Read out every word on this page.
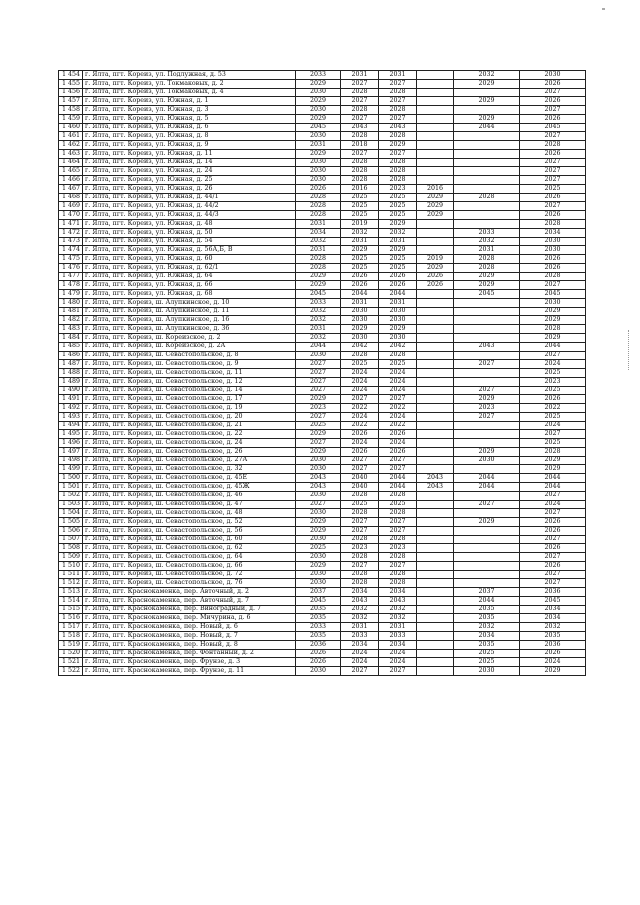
1 454	г. Ялта, пгт. Кореиз, ул. Подлужная, д. 53	2033	2031	2031		2032	2030
1 455	г. Ялта, пгт. Кореиз, ул. Токмаковых, д. 2	2029	2027	2027		2029	2026
1 456	г. Ялта, пгт. Кореиз, ул. Токмаковых, д. 4	2030	2028	2028			2027
1 457	г. Ялта, пгт. Кореиз, ул. Южная, д. 1	2029	2027	2027		2029	2026
1 458	г. Ялта, пгт. Кореиз, ул. Южная, д. 3	2030	2028	2028			2027
1 459	г. Ялта, пгт. Кореиз, ул. Южная, д. 5	2029	2027	2027		2029	2026
1 460	г. Ялта, пгт. Кореиз, ул. Южная, д. 6	2045	2043	2043		2044	2045
1 461	г. Ялта, пгт. Кореиз, ул. Южная, д. 8	2030	2028	2028			2027
1 462	г. Ялта, пгт. Кореиз, ул. Южная, д. 9	2031	2018	2029			2028
1 463	г. Ялта, пгт. Кореиз, ул. Южная, д. 11	2029	2027	2027			2026
1 464	г. Ялта, пгт. Кореиз, ул. Южная, д. 14	2030	2028	2028			2027
1 465	г. Ялта, пгт. Кореиз, ул. Южная, д. 24	2030	2028	2028			2027
1 466	г. Ялта, пгт. Кореиз, ул. Южная, д. 25	2030	2028	2028			2027
1 467	г. Ялта, пгт. Кореиз, ул. Южная, д. 26	2026	2016	2023	2016		2025
1 468	г. Ялта, пгт. Кореиз, ул. Южная, д. 44/1	2028	2025	2025	2029	2028	2026
1 469	г. Ялта, пгт. Кореиз, ул. Южная, д. 44/2	2028	2025	2025	2029		2027
1 470	г. Ялта, пгт. Кореиз, ул. Южная, д. 44/3	2028	2025	2025	2029		2026
1 471	г. Ялта, пгт. Кореиз, ул. Южная, д. 48	2031	2019	2029			2028
1 472	г. Ялта, пгт. Кореиз, ул. Южная, д. 50	2034	2032	2032		2033	2034
1 473	г. Ялта, пгт. Кореиз, ул. Южная, д. 54	2032	2031	2031		2032	2030
1 474	г. Ялта, пгт. Кореиз, ул. Южная, д. 56А,Б, В	2031	2029	2029		2031	2030
1 475	г. Ялта, пгт. Кореиз, ул. Южная, д. 60	2028	2025	2025	2019	2028	2026
1 476	г. Ялта, пгт. Кореиз, ул. Южная, д. 62/1	2028	2025	2025	2029	2028	2026
1 477	г. Ялта, пгт. Кореиз, ул. Южная, д. 64	2029	2026	2026	2026	2029	2028
1 478	г. Ялта, пгт. Кореиз, ул. Южная, д. 66	2029	2026	2026	2026	2029	2027
1 479	г. Ялта, пгт. Кореиз, ул. Южная, д. 68	2045	2044	2044		2045	2045
1 480	г. Ялта, пгт. Кореиз, ш. Алупкинское, д. 10	2033	2031	2031			2030
1 481	г. Ялта, пгт. Кореиз, ш. Алупкинское, д. 11	2032	2030	2030			2029
1 482	г. Ялта, пгт. Кореиз, ш. Алупкинское, д. 16	2032	2030	2030			2029
1 483	г. Ялта, пгт. Кореиз, ш. Алупкинское, д. 36	2031	2029	2029			2028
1 484	г. Ялта, пгт. Кореиз, ш. Кореизское, д. 2	2032	2030	2030			2029
1 485	г. Ялта, пгт. Кореиз, ш. Кореизское, д. 2А	2044	2042	2042		2043	2044
1 486	г. Ялта, пгт. Кореиз, ш. Севастопольское, д. 8	2030	2028	2028			2027
1 487	г. Ялта, пгт. Кореиз, ш. Севастопольское, д. 9	2027	2025	2025		2027	2024
1 488	г. Ялта, пгт. Кореиз, ш. Севастопольское, д. 11	2027	2024	2024			2025
1 489	г. Ялта, пгт. Кореиз, ш. Севастопольское, д. 12	2027	2024	2024			2023
1 490	г. Ялта, пгт. Кореиз, ш. Севастопольское, д. 14	2027	2024	2024		2027	2025
1 491	г. Ялта, пгт. Кореиз, ш. Севастопольское, д. 17	2029	2027	2027		2029	2026
1 492	г. Ялта, пгт. Кореиз, ш. Севастопольское, д. 19	2023	2022	2022		2023	2022
1 493	г. Ялта, пгт. Кореиз, ш. Севастопольское, д. 20	2027	2024	2024		2027	2025
1 494	г. Ялта, пгт. Кореиз, ш. Севастопольское, д. 21	2025	2022	2022			2024
1 495	г. Ялта, пгт. Кореиз, ш. Севастопольское, д. 22	2029	2026	2026			2027
1 496	г. Ялта, пгт. Кореиз, ш. Севастопольское, д. 24	2027	2024	2024			2025
1 497	г. Ялта, пгт. Кореиз, ш. Севастопольское, д. 26	2029	2026	2026		2029	2028
1 498	г. Ялта, пгт. Кореиз, ш. Севастопольское, д. 27А	2030	2027	2027		2030	2029
1 499	г. Ялта, пгт. Кореиз, ш. Севастопольское, д. 32	2030	2027	2027			2029
1 500	г. Ялта, пгт. Кореиз, ш. Севастопольское, д. 45Е	2043	2040	2044	2043	2044	2044
1 501	г. Ялта, пгт. Кореиз, ш. Севастопольское, д. 45Ж	2043	2040	2044	2043	2044	2044
1 502	г. Ялта, пгт. Кореиз, ш. Севастопольское, д. 46	2030	2028	2028			2027
1 503	г. Ялта, пгт. Кореиз, ш. Севастопольское, д. 47	2027	2025	2025		2027	2024
1 504	г. Ялта, пгт. Кореиз, ш. Севастопольское, д. 48	2030	2028	2028			2027
1 505	г. Ялта, пгт. Кореиз, ш. Севастопольское, д. 52	2029	2027	2027		2029	2026
1 506	г. Ялта, пгт. Кореиз, ш. Севастопольское, д. 56	2029	2027	2027			2026
1 507	г. Ялта, пгт. Кореиз, ш. Севастопольское, д. 60	2030	2028	2028			2027
1 508	г. Ялта, пгт. Кореиз, ш. Севастопольское, д. 62	2025	2023	2023			2026
1 509	г. Ялта, пгт. Кореиз, ш. Севастопольское, д. 64	2030	2028	2028			2027
1 510	г. Ялта, пгт. Кореиз, ш. Севастопольское, д. 66	2029	2027	2027			2026
1 511	г. Ялта, пгт. Кореиз, ш. Севастопольское, д. 72	2030	2028	2028			2027
1 512	г. Ялта, пгт. Кореиз, ш. Севастопольское, д. 76	2030	2028	2028			2027
1 513	г. Ялта, пгт. Краснокаменка, пер. Авточный, д. 2	2037	2034	2034		2037	2036
1 514	г. Ялта, пгт. Краснокаменка, пер. Авточный, д. 7	2045	2043	2043		2044	2045
1 515	г. Ялта, пгт. Краснокаменка, пер. Виноградный, д. 7	2035	2032	2032		2035	2034
1 516	г. Ялта, пгт. Краснокаменка, пер. Мичурина, д. 6	2035	2032	2032		2035	2034
1 517	г. Ялта, пгт. Краснокаменка, пер. Новый, д. 6	2033	2031	2031		2032	2032
1 518	г. Ялта, пгт. Краснокаменка, пер. Новый, д. 7	2035	2033	2033		2034	2035
1 519	г. Ялта, пгт. Краснокаменка, пер. Новый, д. 8	2036	2034	2034		2035	2036
1 520	г. Ялта, пгт. Краснокаменка, пер. Фонтанный, д. 2	2026	2024	2024		2025	2026
1 521	г. Ялта, пгт. Краснокаменка, пер. Фрунзе, д. 3	2026	2024	2024		2025	2024
1 522	г. Ялта, пгт. Краснокаменка, пер. Фрунзе, д. 11	2030	2027	2027		2030	2029
